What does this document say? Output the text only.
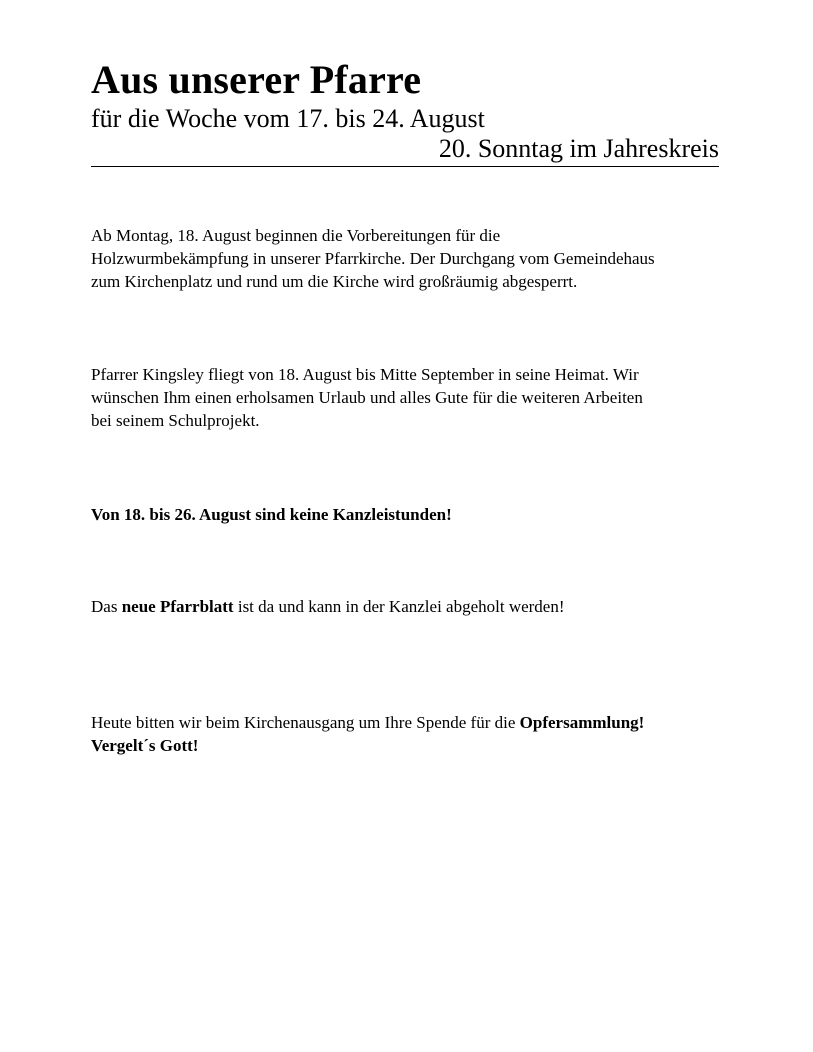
Aus unserer Pfarre

für die Woche vom 17. bis 24. August

20. Sonntag im Jahreskreis

Ab Montag, 18. August beginnen die Vorbereitungen für die
Holzwurmbekämpfung in unserer Pfarrkirche. Der Durchgang vom Gemeindehaus
zum Kirchenplatz und rund um die Kirche wird großräumig abgesperrt.

Pfarrer Kingsley fliegt von 18. August bis Mitte September in seine Heimat. Wir
wünschen Ihm einen erholsamen Urlaub und alles Gute für die weiteren Arbeiten
bei seinem Schulprojekt.

Von 18. bis 26. August sind keine Kanzleistunden!

Das neue Pfarrblatt ist da und kann in der Kanzlei abgeholt werden!

Heute bitten wir beim Kirchenausgang um Ihre Spende für die Opfersammlung!
Vergelt´s Gott!
